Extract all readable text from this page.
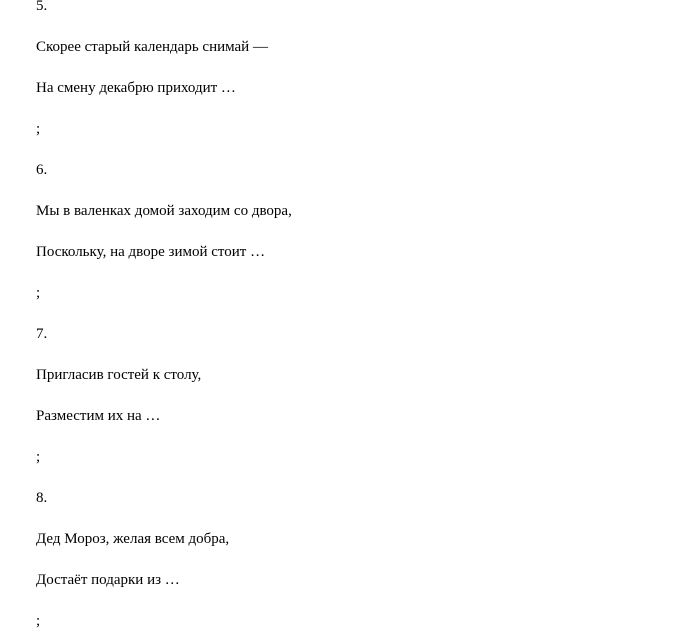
5.

Скорее старый календарь снимай —

На смену декабрю приходит …

;

6.

Мы в валенках домой заходим со двора,

Поскольку, на дворе зимой стоит …

;

7.

Пригласив гостей к столу,

Разместим их на …

;

8.

Дед Мороз, желая всем добра,

Достаёт подарки из …

;
